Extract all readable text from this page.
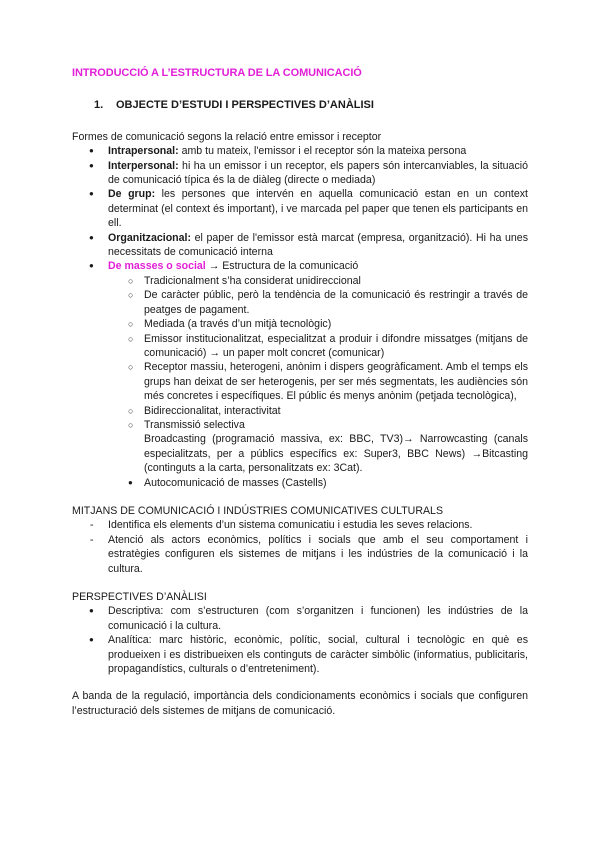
INTRODUCCIÓ A L’ESTRUCTURA DE LA COMUNICACIÓ
1.	OBJECTE D’ESTUDI I PERSPECTIVES D’ANÀLISI

Formes de comunicació segons la relació entre emissor i receptor

● Intrapersonal: amb tu mateix, l'emissor i el receptor són la mateixa persona
● Interpersonal: hi ha un emissor i un receptor, els papers són intercanviables, la situació de comunicació típica és la de diàleg (directe o mediada)
● De grup: les persones que intervén en aquella comunicació estan en un context determinat (el context és important), i ve marcada pel paper que tenen els participants en ell.
● Organitzacional: el paper de l'emissor està marcat (empresa, organització). Hi ha unes necessitats de comunicació interna
● De masses o social → Estructura de la comunicació
○ Tradicionalment s’ha considerat unidireccional
○ De caràcter públic, però la tendència de la comunicació és restringir a través de peatges de pagament.
○ Mediada (a través d’un mitjà tecnològic)
○ Emissor institucionalitzat, especialitzat a produir i difondre missatges (mitjans de comunicació) → un paper molt concret (comunicar)
○ Receptor massiu, heterogeni, anònim i dispers geogràficament. Amb el temps els grups han deixat de ser heterogenis, per ser més segmentats, les audiències són més concretes i específiques. El públic és menys anònim (petjada tecnològica),
○ Bidireccionalitat, interactivitat
○ Transmissió selectiva
Broadcasting (programació massiva, ex: BBC, TV3)→ Narrowcasting (canals especialitzats, per a públics específics ex: Super3, BBC News) →Bitcasting (continguts a la carta, personalitzats ex: 3Cat).
● Autocomunicació de masses (Castells)

MITJANS DE COMUNICACIÓ I INDÚSTRIES COMUNICATIVES CULTURALS

- Identifica els elements d’un sistema comunicatiu i estudia les seves relacions.
- Atenció als actors econòmics, polítics i socials que amb el seu comportament i estratègies configuren els sistemes de mitjans i les indústries de la comunicació i la cultura.

PERSPECTIVES D’ANÀLISI

● Descriptiva: com s’estructuren (com s’organitzen i funcionen) les indústries de la comunicació i la cultura.
● Analítica: marc històric, econòmic, polític, social, cultural i tecnològic en què es produeixen i es distribueixen els continguts de caràcter simbòlic (informatius, publicitaris, propagandístics, culturals o d’entreteniment).

A banda de la regulació, importància dels condicionaments econòmics i socials que configuren l’estructuració dels sistemes de mitjans de comunicació.
